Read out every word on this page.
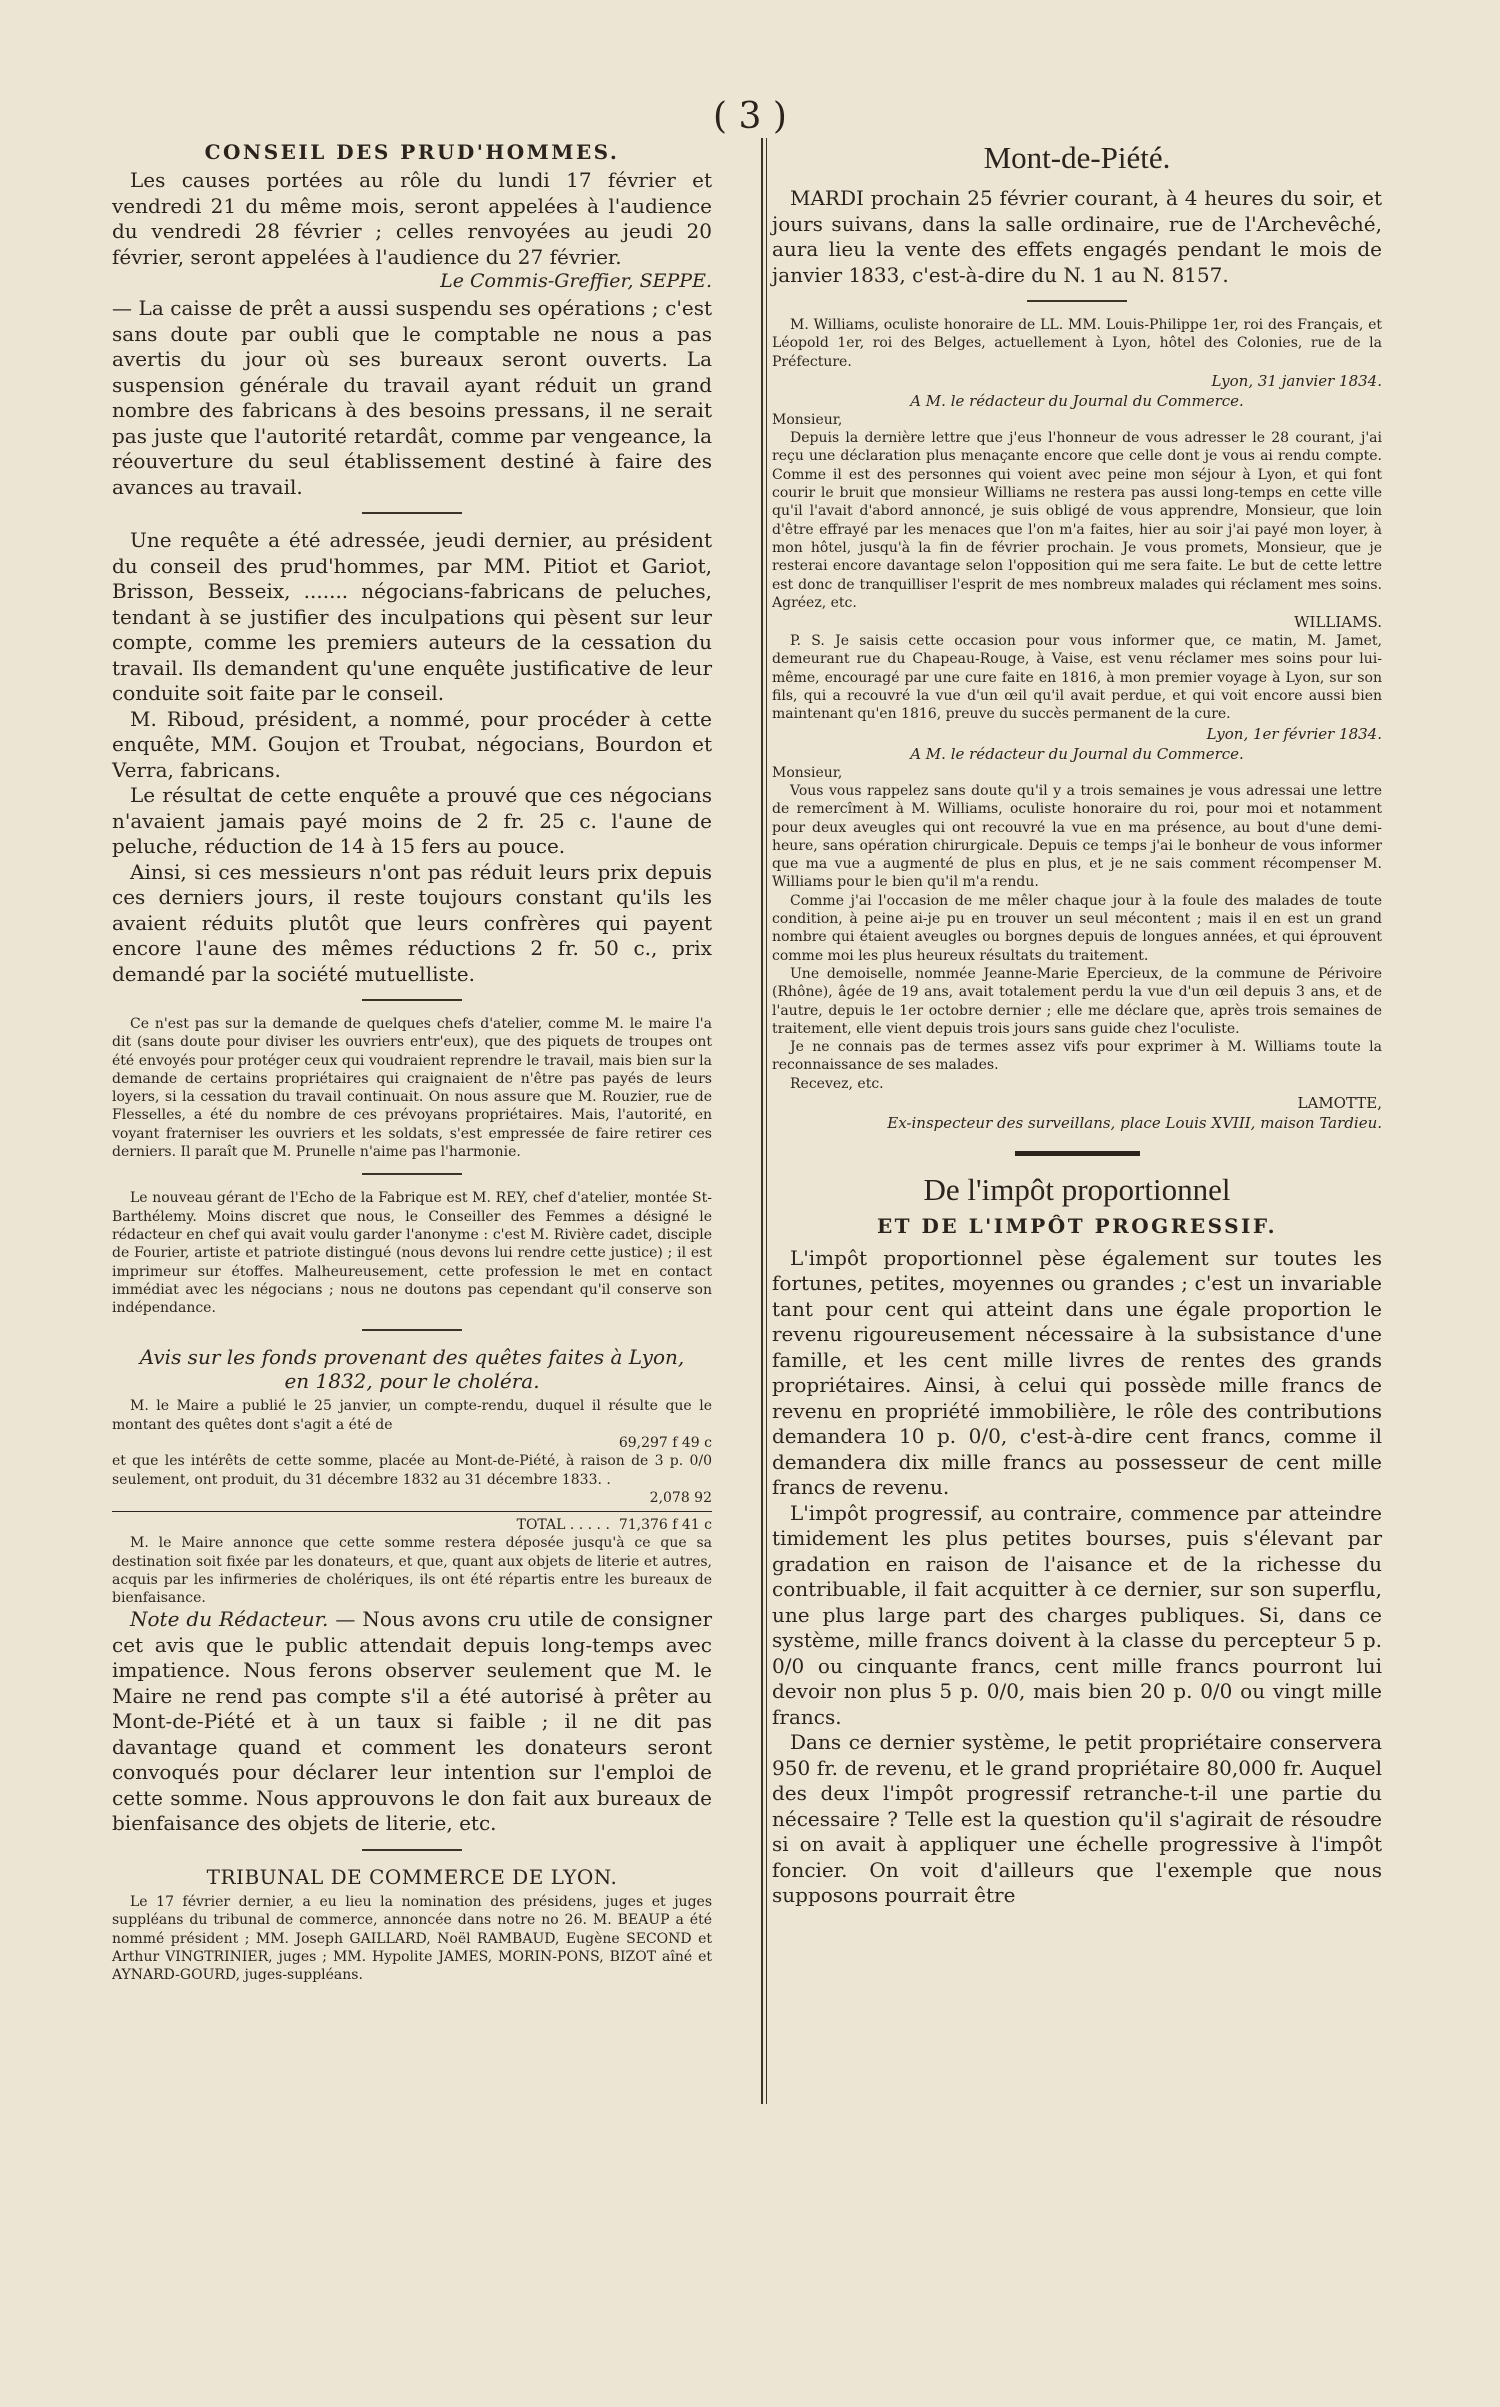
( 3 )
CONSEIL DES PRUD'HOMMES.

Les causes portées au rôle du lundi 17 février et vendredi 21 du même mois, seront appelées à l'audience du vendredi 28 février ; celles renvoyées au jeudi 20 février, seront appelées à l'audience du 27 février.

Le Commis-Greffier, SEPPE.

— La caisse de prêt a aussi suspendu ses opérations ; c'est sans doute par oubli que le comptable ne nous a pas avertis du jour où ses bureaux seront ouverts. La suspension générale du travail ayant réduit un grand nombre des fabricans à des besoins pressans, il ne serait pas juste que l'autorité retardât, comme par vengeance, la réouverture du seul établissement destiné à faire des avances au travail.

Une requête a été adressée, jeudi dernier, au président du conseil des prud'hommes, par MM. Pitiot et Gariot, Brisson, Besseix, ....... négocians-fabricans de peluches, tendant à se justifier des inculpations qui pèsent sur leur compte, comme les premiers auteurs de la cessation du travail. Ils demandent qu'une enquête justificative de leur conduite soit faite par le conseil.

M. Riboud, président, a nommé, pour procéder à cette enquête, MM. Goujon et Troubat, négocians, Bourdon et Verra, fabricans.

Le résultat de cette enquête a prouvé que ces négocians n'avaient jamais payé moins de 2 fr. 25 c. l'aune de peluche, réduction de 14 à 15 fers au pouce.

Ainsi, si ces messieurs n'ont pas réduit leurs prix depuis ces derniers jours, il reste toujours constant qu'ils les avaient réduits plutôt que leurs confrères qui payent encore l'aune des mêmes réductions 2 fr. 50 c., prix demandé par la société mutuelliste.

Ce n'est pas sur la demande de quelques chefs d'atelier, comme M. le maire l'a dit (sans doute pour diviser les ouvriers entr'eux), que des piquets de troupes ont été envoyés pour protéger ceux qui voudraient reprendre le travail, mais bien sur la demande de certains propriétaires qui craignaient de n'être pas payés de leurs loyers, si la cessation du travail continuait. On nous assure que M. Rouzier, rue de Flesselles, a été du nombre de ces prévoyans propriétaires. Mais, l'autorité, en voyant fraterniser les ouvriers et les soldats, s'est empressée de faire retirer ces derniers. Il paraît que M. Prunelle n'aime pas l'harmonie.

Le nouveau gérant de l'Echo de la Fabrique est M. REY, chef d'atelier, montée St-Barthélemy. Moins discret que nous, le Conseiller des Femmes a désigné le rédacteur en chef qui avait voulu garder l'anonyme : c'est M. Rivière cadet, disciple de Fourier, artiste et patriote distingué (nous devons lui rendre cette justice) ; il est imprimeur sur étoffes. Malheureusement, cette profession le met en contact immédiat avec les négocians ; nous ne doutons pas cependant qu'il conserve son indépendance.

Avis sur les fonds provenant des quêtes faites à Lyon,
en 1832, pour le choléra.

M. le Maire a publié le 25 janvier, un compte-rendu, duquel il résulte que le montant des quêtes dont s'agit a été de

69,297 f 49 c

et que les intérêts de cette somme, placée au Mont-de-Piété, à raison de 3 p. 0/0 seulement, ont produit, du 31 décembre 1832 au 31 décembre 1833. .

2,078 92
TOTAL . . . . . 71,376 f 41 c

M. le Maire annonce que cette somme restera déposée jusqu'à ce que sa destination soit fixée par les donateurs, et que, quant aux objets de literie et autres, acquis par les infirmeries de cholériques, ils ont été répartis entre les bureaux de bienfaisance.

Note du Rédacteur. — Nous avons cru utile de consigner cet avis que le public attendait depuis long-temps avec impatience. Nous ferons observer seulement que M. le Maire ne rend pas compte s'il a été autorisé à prêter au Mont-de-Piété et à un taux si faible ; il ne dit pas davantage quand et comment les donateurs seront convoqués pour déclarer leur intention sur l'emploi de cette somme. Nous approuvons le don fait aux bureaux de bienfaisance des objets de literie, etc.

TRIBUNAL DE COMMERCE DE LYON.

Le 17 février dernier, a eu lieu la nomination des présidens, juges et juges suppléans du tribunal de commerce, annoncée dans notre no 26. M. BEAUP a été nommé président ; MM. Joseph GAILLARD, Noël RAMBAUD, Eugène SECOND et Arthur VINGTRINIER, juges ; MM. Hypolite JAMES, MORIN-PONS, BIZOT aîné et AYNARD-GOURD, juges-suppléans.

Mont-de-Piété.

MARDI prochain 25 février courant, à 4 heures du soir, et jours suivans, dans la salle ordinaire, rue de l'Archevêché, aura lieu la vente des effets engagés pendant le mois de janvier 1833, c'est-à-dire du N. 1 au N. 8157.

M. Williams, oculiste honoraire de LL. MM. Louis-Philippe 1er, roi des Français, et Léopold 1er, roi des Belges, actuellement à Lyon, hôtel des Colonies, rue de la Préfecture.

Lyon, 31 janvier 1834.
A M. le rédacteur du Journal du Commerce.

Monsieur,

Depuis la dernière lettre que j'eus l'honneur de vous adresser le 28 courant, j'ai reçu une déclaration plus menaçante encore que celle dont je vous ai rendu compte. Comme il est des personnes qui voient avec peine mon séjour à Lyon, et qui font courir le bruit que monsieur Williams ne restera pas aussi long-temps en cette ville qu'il l'avait d'abord annoncé, je suis obligé de vous apprendre, Monsieur, que loin d'être effrayé par les menaces que l'on m'a faites, hier au soir j'ai payé mon loyer, à mon hôtel, jusqu'à la fin de février prochain. Je vous promets, Monsieur, que je resterai encore davantage selon l'opposition qui me sera faite. Le but de cette lettre est donc de tranquilliser l'esprit de mes nombreux malades qui réclament mes soins. Agréez, etc.

WILLIAMS.

P. S. Je saisis cette occasion pour vous informer que, ce matin, M. Jamet, demeurant rue du Chapeau-Rouge, à Vaise, est venu réclamer mes soins pour lui-même, encouragé par une cure faite en 1816, à mon premier voyage à Lyon, sur son fils, qui a recouvré la vue d'un œil qu'il avait perdue, et qui voit encore aussi bien maintenant qu'en 1816, preuve du succès permanent de la cure.

Lyon, 1er février 1834.
A M. le rédacteur du Journal du Commerce.

Monsieur,

Vous vous rappelez sans doute qu'il y a trois semaines je vous adressai une lettre de remercîment à M. Williams, oculiste honoraire du roi, pour moi et notamment pour deux aveugles qui ont recouvré la vue en ma présence, au bout d'une demi-heure, sans opération chirurgicale. Depuis ce temps j'ai le bonheur de vous informer que ma vue a augmenté de plus en plus, et je ne sais comment récompenser M. Williams pour le bien qu'il m'a rendu.

Comme j'ai l'occasion de me mêler chaque jour à la foule des malades de toute condition, à peine ai-je pu en trouver un seul mécontent ; mais il en est un grand nombre qui étaient aveugles ou borgnes depuis de longues années, et qui éprouvent comme moi les plus heureux résultats du traitement.

Une demoiselle, nommée Jeanne-Marie Epercieux, de la commune de Périvoire (Rhône), âgée de 19 ans, avait totalement perdu la vue d'un œil depuis 3 ans, et de l'autre, depuis le 1er octobre dernier ; elle me déclare que, après trois semaines de traitement, elle vient depuis trois jours sans guide chez l'oculiste.

Je ne connais pas de termes assez vifs pour exprimer à M. Williams toute la reconnaissance de ses malades.

Recevez, etc.

LAMOTTE,
Ex-inspecteur des surveillans, place Louis XVIII, maison Tardieu.
De l'impôt proportionnel
ET DE L'IMPÔT PROGRESSIF.

L'impôt proportionnel pèse également sur toutes les fortunes, petites, moyennes ou grandes ; c'est un invariable tant pour cent qui atteint dans une égale proportion le revenu rigoureusement nécessaire à la subsistance d'une famille, et les cent mille livres de rentes des grands propriétaires. Ainsi, à celui qui possède mille francs de revenu en propriété immobilière, le rôle des contributions demandera 10 p. 0/0, c'est-à-dire cent francs, comme il demandera dix mille francs au possesseur de cent mille francs de revenu.

L'impôt progressif, au contraire, commence par atteindre timidement les plus petites bourses, puis s'élevant par gradation en raison de l'aisance et de la richesse du contribuable, il fait acquitter à ce dernier, sur son superflu, une plus large part des charges publiques. Si, dans ce système, mille francs doivent à la classe du percepteur 5 p. 0/0 ou cinquante francs, cent mille francs pourront lui devoir non plus 5 p. 0/0, mais bien 20 p. 0/0 ou vingt mille francs.

Dans ce dernier système, le petit propriétaire conservera 950 fr. de revenu, et le grand propriétaire 80,000 fr. Auquel des deux l'impôt progressif retranche-t-il une partie du nécessaire ? Telle est la question qu'il s'agirait de résoudre si on avait à appliquer une échelle progressive à l'impôt foncier. On voit d'ailleurs que l'exemple que nous supposons pourrait être
